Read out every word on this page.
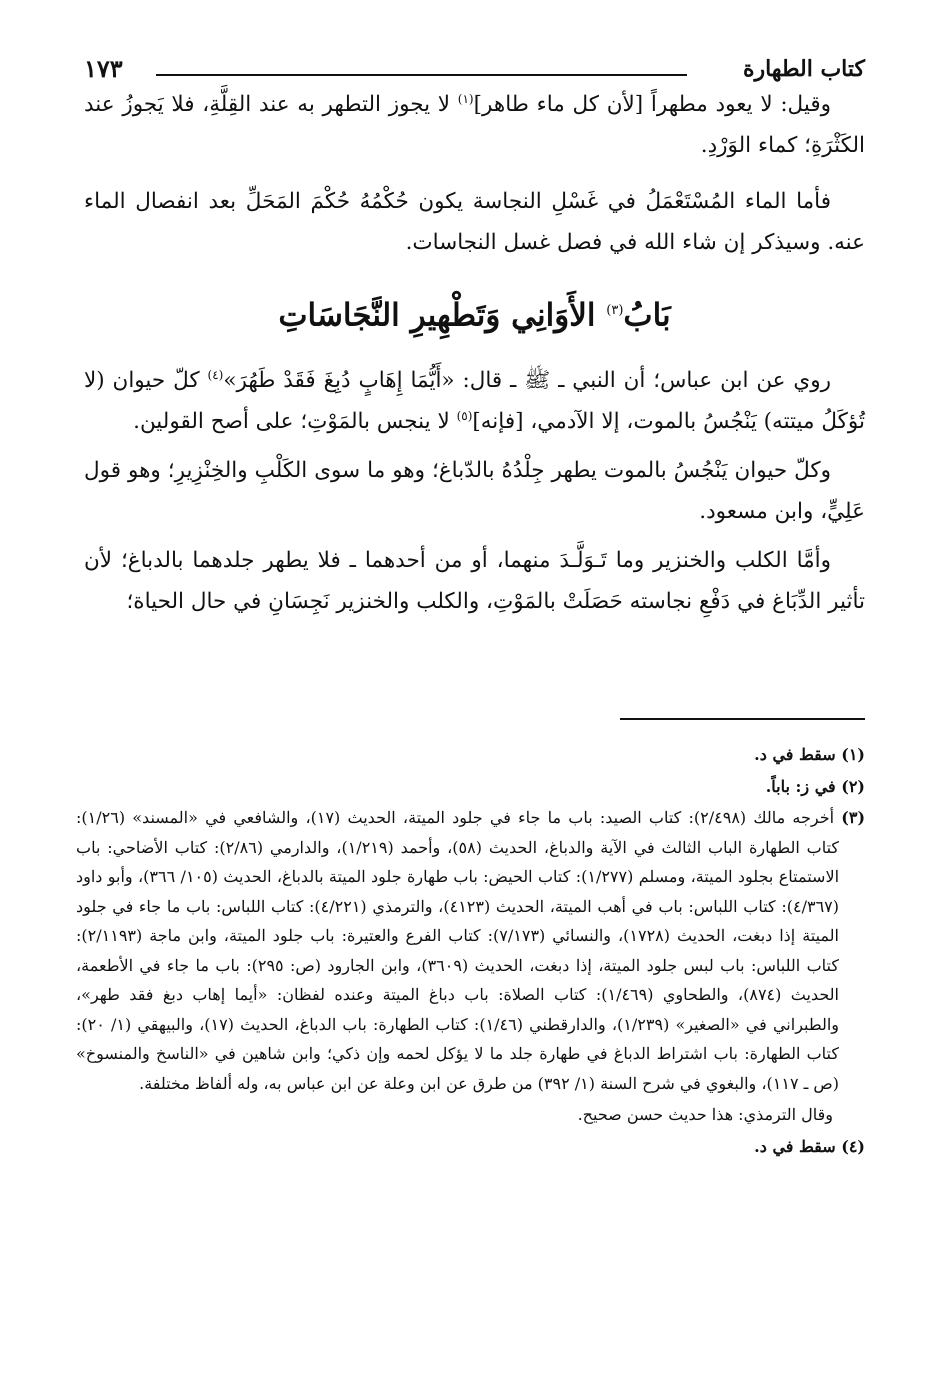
كتاب الطهارة
١٧٣

وقيل: لا يعود مطهراً [لأن كل ماء طاهر]$^{(١)}$ لا يجوز التطهر به عند القِلَّةِ، فلا يَجوزُ عند الكَثْرَةِ؛ كماء الوَرْدِ.

فأما الماء المُسْتَعْمَلُ في غَسْلِ النجاسة يكون حُكْمُهُ حُكْمَ المَحَلِّ بعد انفصال الماء عنه. وسيذكر إن شاء الله في فصل غسل النجاسات.

بَابُ$^{(٣)}$ الأَوَانِي وَتَطْهِيرِ النَّجَاسَاتِ

روي عن ابن عباس؛ أن النبي ـ ﷺ ـ قال: «أَيُّمَا إِهَابٍ دُبِغَ فَقَدْ طَهُرَ»$^{(٤)}$ كلّ حيوان (لا تُؤكَلُ ميتته) يَنْجُسُ بالموت، إلا الآدمي، [فإنه]$^{(٥)}$ لا ينجس بالمَوْتِ؛ على أصح القولين.

وكلّ حيوان يَنْجُسُ بالموت يطهر جِلْدُهُ بالدّباغ؛ وهو ما سوى الكَلْبِ والخِنْزِيرِ؛ وهو قول عَلِيٍّ، وابن مسعود.

وأمَّا الكلب والخنزير وما تَـوَلَّـدَ منهما، أو من أحدهما ـ فلا يطهر جلدهما بالدباغ؛ لأن تأثير الدِّبَاغ في دَفْعِ نجاسته حَصَلَتْ بالمَوْتِ، والكلب والخنزير نَجِسَانِ في حال الحياة؛

(١) سقط في د.

(٢) في ز: باباً.

(٣) أخرجه مالك (٢/٤٩٨): كتاب الصيد: باب ما جاء في جلود الميتة، الحديث (١٧)، والشافعي في «المسند» (١/٢٦): كتاب الطهارة الباب الثالث في الآية والدباغ، الحديث (٥٨)، وأحمد (١/٢١٩)، والدارمي (٢/٨٦): كتاب الأضاحي: باب الاستمتاع بجلود الميتة، ومسلم (١/٢٧٧): كتاب الحيض: باب طهارة جلود الميتة بالدباغ، الحديث (١٠٥/ ٣٦٦)، وأبو داود (٤/٣٦٧): كتاب اللباس: باب في أهب الميتة، الحديث (٤١٢٣)، والترمذي (٤/٢٢١): كتاب اللباس: باب ما جاء في جلود الميتة إذا دبغت، الحديث (١٧٢٨)، والنسائي (٧/١٧٣): كتاب الفرع والعتيرة: باب جلود الميتة، وابن ماجة (٢/١١٩٣): كتاب اللباس: باب لبس جلود الميتة، إذا دبغت، الحديث (٣٦٠٩)، وابن الجارود (ص: ٢٩٥): باب ما جاء في الأطعمة، الحديث (٨٧٤)، والطحاوي (١/٤٦٩): كتاب الصلاة: باب دباغ الميتة وعنده لفظان: «أيما إهاب دبغ فقد طهر»، والطبراني في «الصغير» (١/٢٣٩)، والدارقطني (١/٤٦): كتاب الطهارة: باب الدباغ، الحديث (١٧)، والبيهقي (١/ ٢٠): كتاب الطهارة: باب اشتراط الدباغ في طهارة جلد ما لا يؤكل لحمه وإن ذكي؛ وابن شاهين في «الناسخ والمنسوخ» (ص ـ ١١٧)، والبغوي في شرح السنة (١/ ٣٩٢) من طرق عن ابن وعلة عن ابن عباس به، وله ألفاظ مختلفة.

وقال الترمذي: هذا حديث حسن صحيح.

(٤) سقط في د.
